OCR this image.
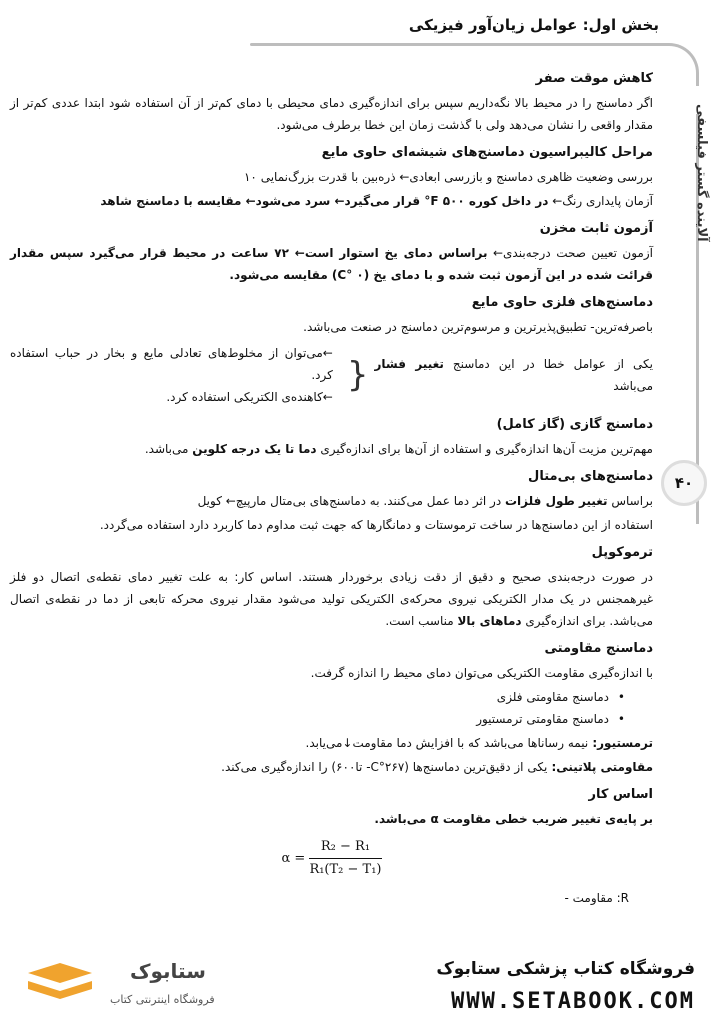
بخش اول: عوامل زیان‌آور فیزیکی
آلاینده گستر فیلسفی
۴۰
کاهش موقت صفر

اگر دماسنج را در محیط بالا نگه‌داریم سپس برای اندازه‌گیری دمای محیطی با دمای کم‌تر از آن استفاده شود ابتدا عددی کم‌تر از مقدار واقعی را نشان می‌دهد ولی با گذشت زمان این خطا برطرف می‌شود.

مراحل کالیبراسیون دماسنج‌های شیشه‌ای حاوی مایع

بررسی وضعیت ظاهری دماسنج و بازرسی ابعادی← ذره‌بین با قدرت بزرگ‌نمایی ۱۰

آزمان پایداری رنگ← در داخل کوره ۵۰۰ F° قرار می‌گیرد← سرد می‌شود← مقایسه با دماسنج شاهد

آزمون ثابت مخزن

آزمون تعیین صحت درجه‌بندی← براساس دمای یخ استوار است← ۷۲ ساعت در محیط قرار می‌گیرد سپس مقدار قرائت شده در این آزمون ثبت شده و با دمای یخ (۰ °C) مقایسه می‌شود.

دماسنج‌های فلزی حاوی مایع

باصرفه‌ترین- تطبیق‌پذیرترین و مرسوم‌ترین دماسنج در صنعت می‌باشد.

یکی از عوامل خطا در این دماسنج تغییر فشار می‌باشد
{
←می‌توان از مخلوط‌های تعادلی مایع و بخار در حباب استفاده کرد.
←کاهنده‌ی الکتریکی استفاده کرد.
دماسنج گازی (گاز کامل)

مهم‌ترین مزیت آن‌ها اندازه‌گیری و استفاده از آن‌ها برای اندازه‌گیری دما تا یک درجه کلوین می‌باشد.

دماسنج‌های بی‌متال

براساس تغییر طول فلزات در اثر دما عمل می‌کنند. به دماسنج‌های بی‌متال مارپیچ← کویل

استفاده از این دماسنج‌ها در ساخت ترموستات و دمانگارها که جهت ثبت مداوم دما کاربرد دارد استفاده می‌گردد.

ترموکوپل

در صورت درجه‌بندی صحیح و دقیق از دقت زیادی برخوردار هستند. اساس کار: به علت تغییر دمای نقطه‌ی اتصال دو فلز غیرهمجنس در یک مدار الکتریکی نیروی محرکه‌ی الکتریکی تولید می‌شود مقدار نیروی محرکه تابعی از دما در نقطه‌ی اتصال می‌باشد. برای اندازه‌گیری دماهای بالا مناسب است.

دماسنج مقاومتی

با اندازه‌گیری مقاومت الکتریکی می‌توان دمای محیط را اندازه گرفت.

• دماسنج مقاومتی فلزی
• دماسنج مقاومتی ترمستیور

ترمستیور: نیمه رساناها می‌باشد که با افزایش دما مقاومت↓می‌یابد.

مقاومتی پلاتینی: یکی از دقیق‌ترین دماسنج‌ها (۲۶۷°C- تا۶۰۰) را اندازه‌گیری می‌کند.

اساس کار

بر پایه‌ی تغییر ضریب خطی مقاومت α می‌باشد.

$\alpha = \frac{\text{R₂ − R₁}}{\text{R₁(T₂ − T₁)}}$

R: مقاومت -

ستابوک
فروشگاه اینترنتی کتاب
فروشگاه کتاب پزشکی ستابوک
WWW.SETABOOK.COM
